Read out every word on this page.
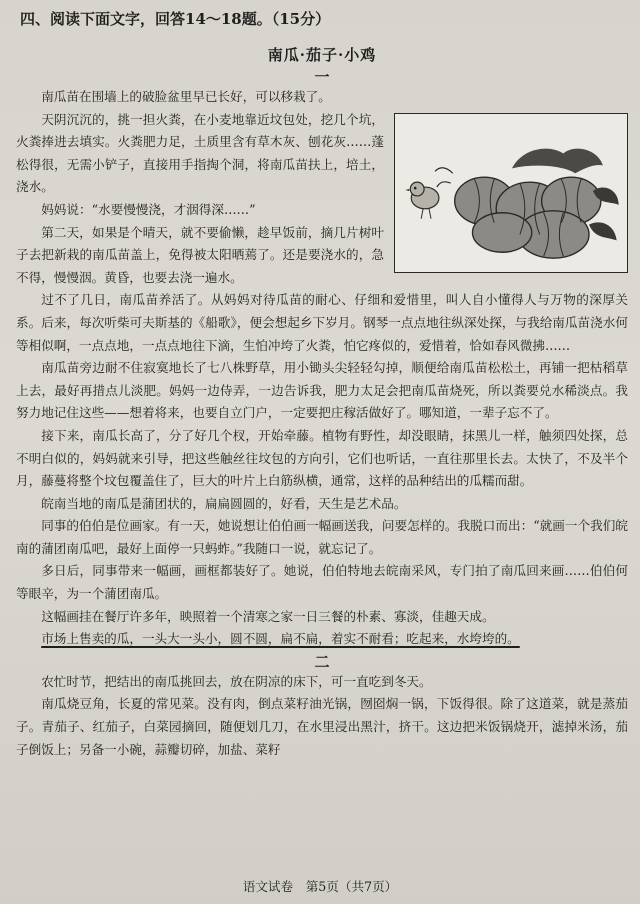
四、阅读下面文字，回答14～18题。（15分）
南瓜·茄子·小鸡
一

南瓜苗在围墙上的破脸盆里早已长好，可以移栽了。

天阴沉沉的，挑一担火粪，在小麦地靠近坟包处，挖几个坑，火粪捧进去填实。火粪肥力足，土质里含有草木灰、刨花灰……蓬松得很，无需小铲子，直接用手指掏个洞，将南瓜苗扶上，培土，浇水。

妈妈说：“水要慢慢浇，才洇得深……”

第二天，如果是个晴天，就不要偷懒，趁早饭前，摘几片树叶子去把新栽的南瓜苗盖上，免得被太阳晒蔫了。还是要浇水的，急不得，慢慢洇。黄昏，也要去浇一遍水。

过不了几日，南瓜苗养活了。从妈妈对待瓜苗的耐心、仔细和爱惜里，叫人自小懂得人与万物的深厚关系。后来，每次听柴可夫斯基的《船歌》，便会想起乡下岁月。钢琴一点点地往纵深处探，与我给南瓜苗浇水何等相似啊，一点点地，一点点地往下滴，生怕冲垮了火粪，怕它疼似的，爱惜着，恰如春风微拂……

南瓜苗旁边耐不住寂寞地长了七八株野草，用小锄头尖轻轻勾掉，顺便给南瓜苗松松土，再铺一把枯稻草上去，最好再措点儿淡肥。妈妈一边侍弄，一边告诉我，肥力太足会把南瓜苗烧死，所以粪要兑水稀淡点。我努力地记住这些——想着将来，也要自立门户，一定要把庄稼活做好了。哪知道，一辈子忘不了。

接下来，南瓜长高了，分了好几个杈，开始牵藤。植物有野性，却没眼睛，抹黑儿一样，触须四处探，总不明白似的，妈妈就来引导，把这些触丝往坟包的方向引，它们也听话，一直往那里长去。太快了，不及半个月，藤蔓将整个坟包覆盖住了，巨大的叶片上白筋纵横，通常，这样的品种结出的瓜糯而甜。

皖南当地的南瓜是蒲团状的，扁扁圆圆的，好看，天生是艺术品。

同事的伯伯是位画家。有一天，她说想让伯伯画一幅画送我，问要怎样的。我脱口而出：“就画一个我们皖南的蒲团南瓜吧，最好上面停一只蚂蚱。”我随口一说，就忘记了。

多日后，同事带来一幅画，画框都装好了。她说，伯伯特地去皖南采风，专门拍了南瓜回来画……伯伯何等眼辛，为一个蒲团南瓜。

这幅画挂在餐厅许多年，映照着一个清寒之家一日三餐的朴素、寡淡，佳趣天成。

市场上售卖的瓜，一头大一头小，圆不圆，扁不扁，着实不耐看；吃起来，水垮垮的。

二

农忙时节，把结出的南瓜挑回去，放在阴凉的床下，可一直吃到冬天。

南瓜烧豆角，长夏的常见菜。没有肉，倒点菜籽油光锅，囫囵焖一锅，下饭得很。除了这道菜，就是蒸茄子。青茄子、红茄子，白菜园摘回，随便划几刀，在水里浸出黑汁，挤干。这边把米饭锅烧开，滤掉米汤，茄子倒饭上；另备一小碗，蒜瓣切碎，加盐、菜籽

语文试卷　第5页（共7页）
